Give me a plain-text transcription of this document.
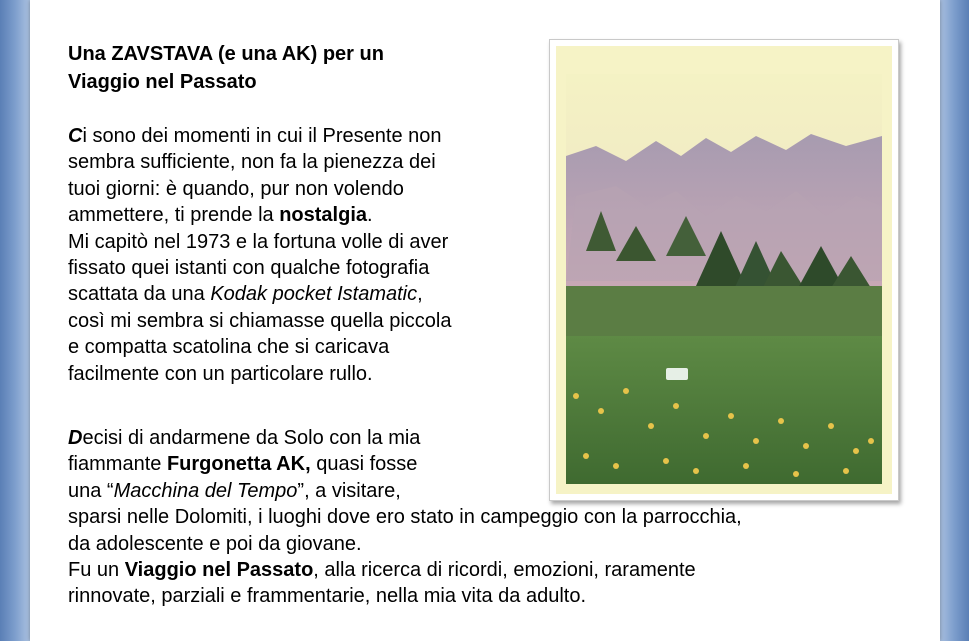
Una ZAVSTAVA (e una AK) per un
Viaggio nel Passato
Ci sono dei momenti in cui il Presente non
sembra sufficiente, non fa la pienezza dei
tuoi giorni: è quando, pur non volendo
ammettere, ti prende la nostalgia.
Mi capitò nel 1973 e la fortuna volle di aver
fissato quei istanti con qualche fotografia
scattata da una Kodak pocket Istamatic,
così mi sembra si chiamasse quella piccola
e compatta scatolina che si caricava
facilmente con un particolare rullo.
Decisi di andarmene da Solo con la mia
fiammante Furgonetta AK, quasi fosse
una “Macchina del Tempo”, a visitare,
sparsi nelle Dolomiti, i luoghi dove ero stato in campeggio con la parrocchia,
da adolescente e poi da giovane.
Fu un Viaggio nel Passato, alla ricerca di ricordi, emozioni, raramente
rinnovate, parziali e frammentarie, nella mia vita da adulto.
